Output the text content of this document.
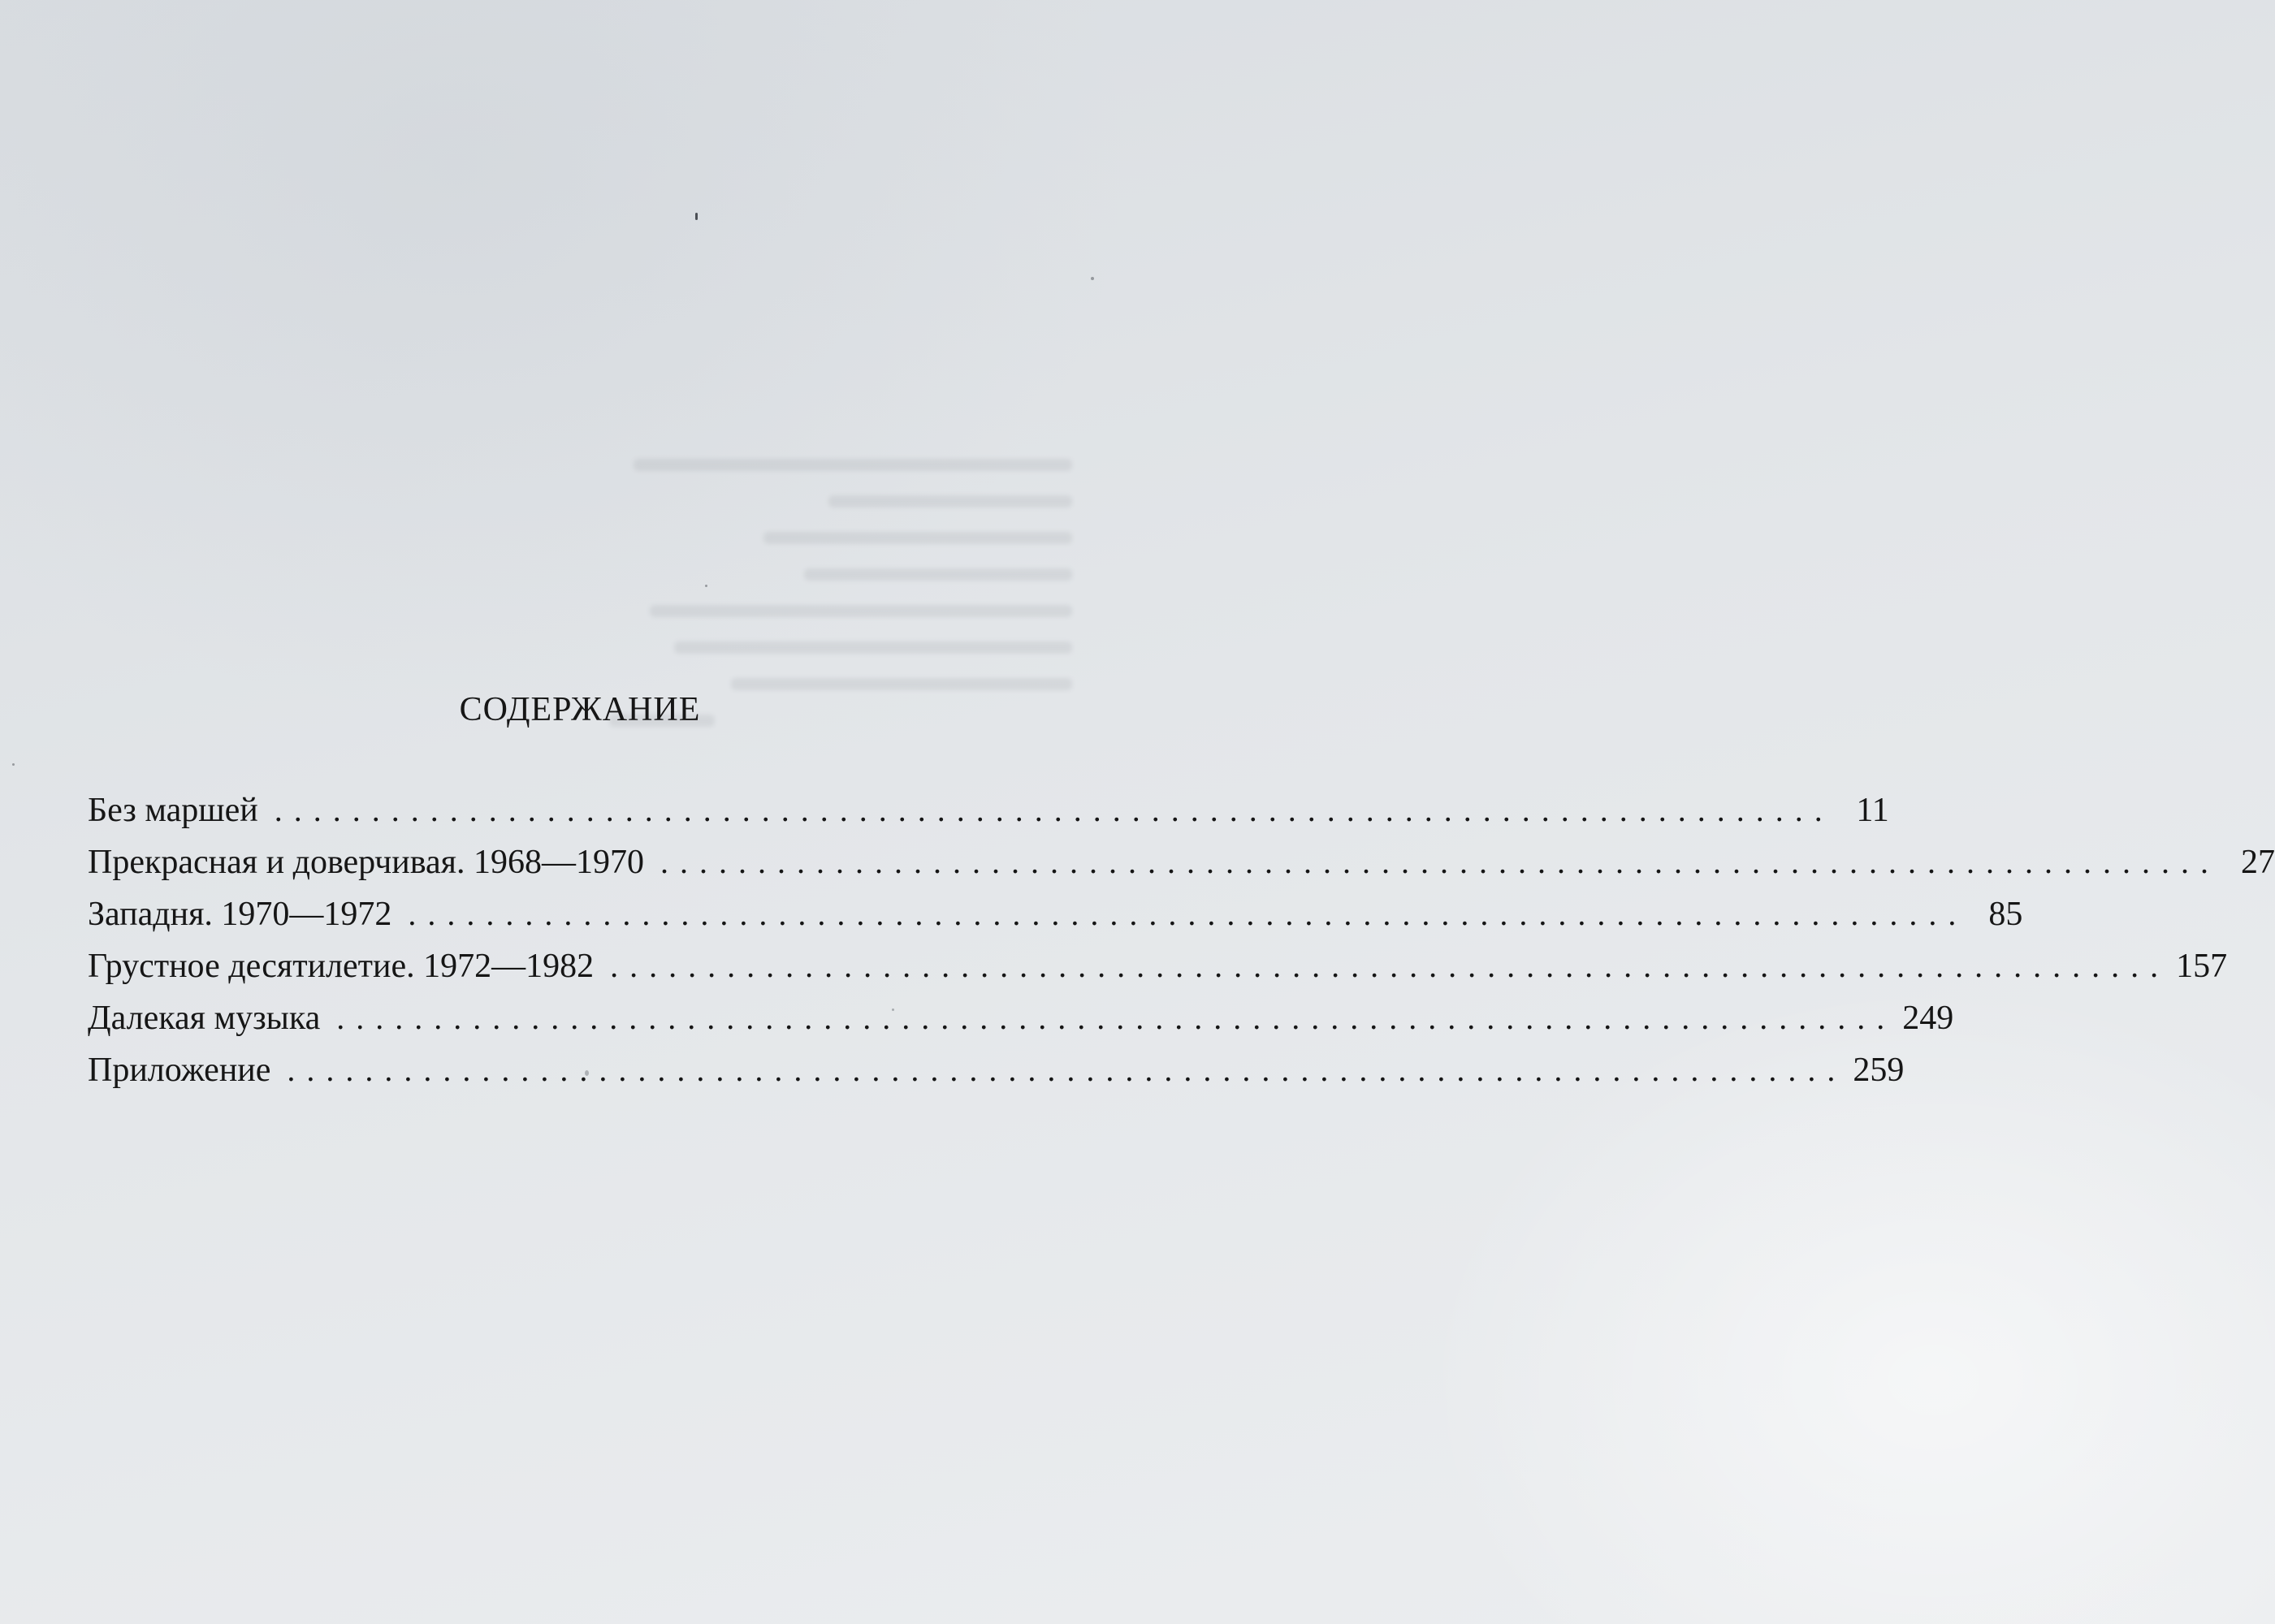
СОДЕРЖАНИЕ
Без маршей ................................................................................ 11
Прекрасная и доверчивая. 1968—1970 ................................................................................ 27
Западня. 1970—1972 ................................................................................ 85
Грустное десятилетие. 1972—1982 ................................................................................ 157
Далекая музыка ................................................................................ 249
Приложение ................................................................................ 259
